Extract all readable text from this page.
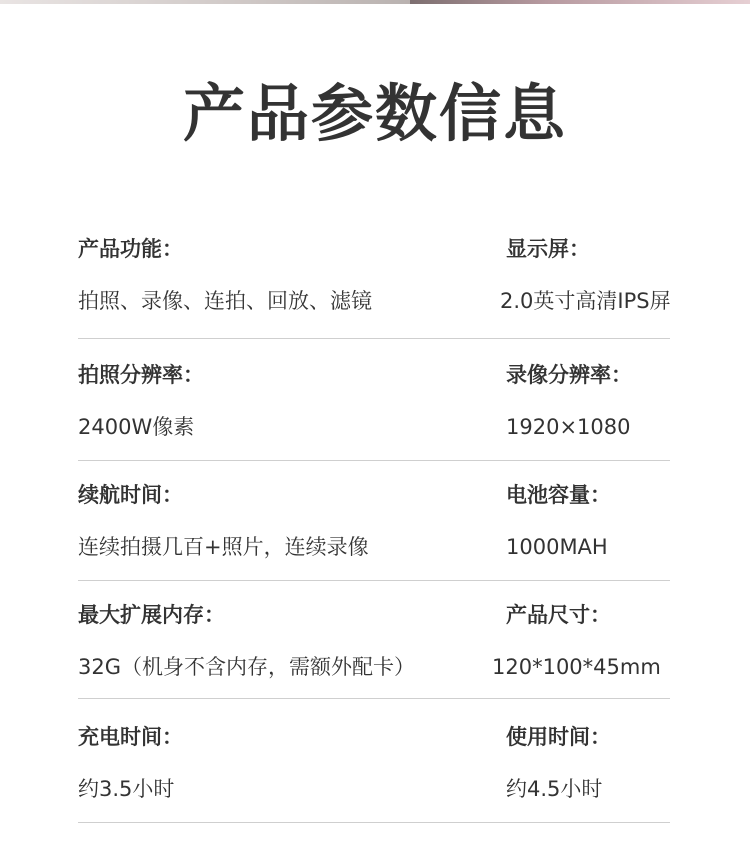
产品参数信息
产品功能：
拍照、录像、连拍、回放、滤镜
显示屏：
2.0英寸高清IPS屏
拍照分辨率：
2400W像素
录像分辨率：
1920×1080
续航时间：
连续拍摄几百+照片，连续录像
电池容量：
1000MAH
最大扩展内存：
32G（机身不含内存，需额外配卡）
产品尺寸：
120*100*45mm
充电时间：
约3.5小时
使用时间：
约4.5小时
